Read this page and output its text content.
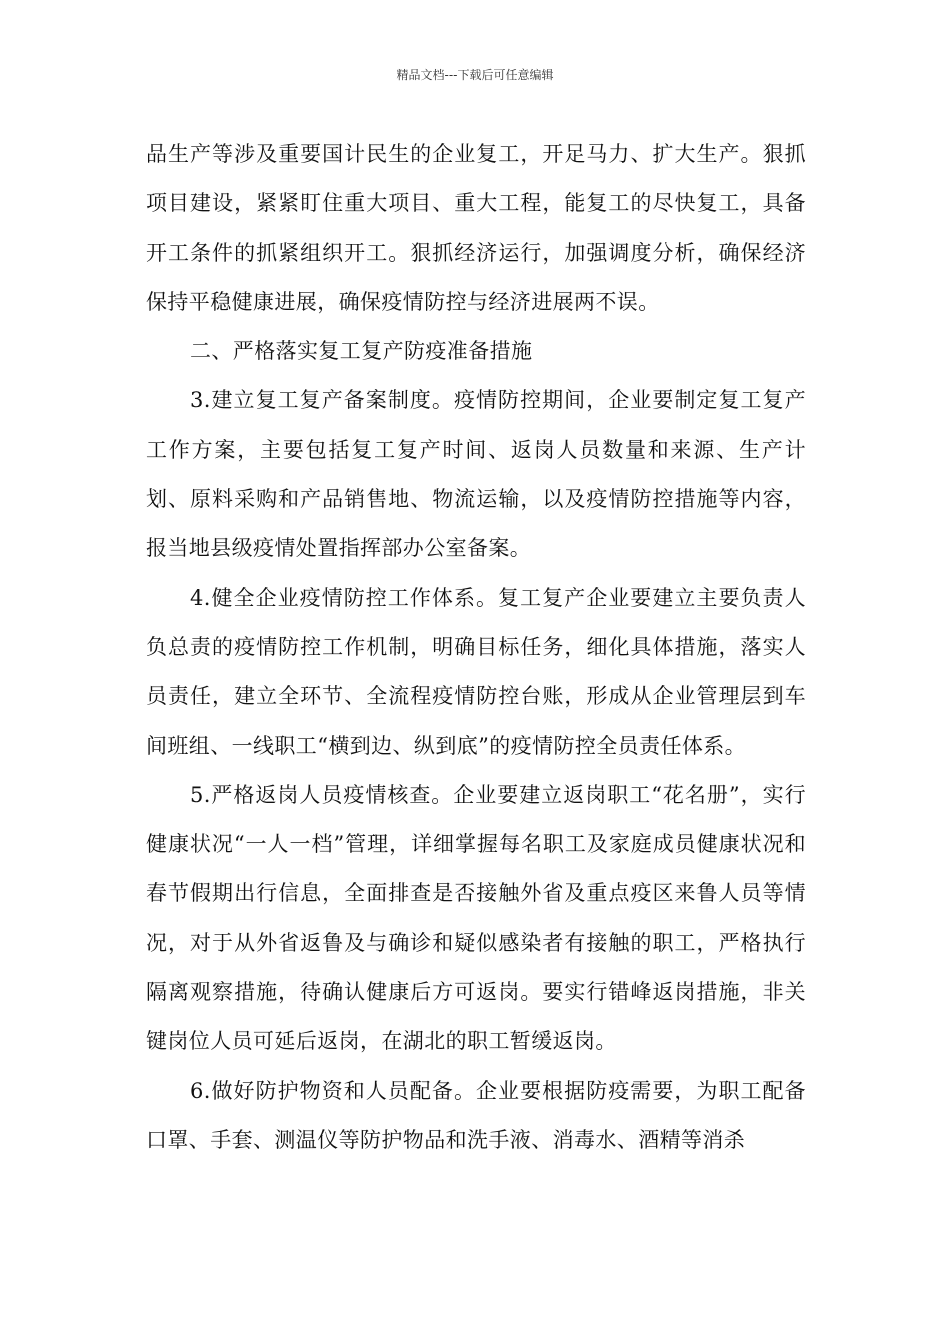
精品文档---下载后可任意编辑

品生产等涉及重要国计民生的企业复工，开足马力、扩大生产。狠抓项目建设，紧紧盯住重大项目、重大工程，能复工的尽快复工，具备开工条件的抓紧组织开工。狠抓经济运行，加强调度分析，确保经济保持平稳健康进展，确保疫情防控与经济进展两不误。

二、严格落实复工复产防疫准备措施

3.建立复工复产备案制度。疫情防控期间，企业要制定复工复产工作方案，主要包括复工复产时间、返岗人员数量和来源、生产计划、原料采购和产品销售地、物流运输，以及疫情防控措施等内容，报当地县级疫情处置指挥部办公室备案。

4.健全企业疫情防控工作体系。复工复产企业要建立主要负责人负总责的疫情防控工作机制，明确目标任务，细化具体措施，落实人员责任，建立全环节、全流程疫情防控台账，形成从企业管理层到车间班组、一线职工“横到边、纵到底”的疫情防控全员责任体系。

5.严格返岗人员疫情核查。企业要建立返岗职工“花名册”，实行健康状况“一人一档”管理，详细掌握每名职工及家庭成员健康状况和春节假期出行信息，全面排查是否接触外省及重点疫区来鲁人员等情况，对于从外省返鲁及与确诊和疑似感染者有接触的职工，严格执行隔离观察措施，待确认健康后方可返岗。要实行错峰返岗措施，非关键岗位人员可延后返岗，在湖北的职工暂缓返岗。

6.做好防护物资和人员配备。企业要根据防疫需要，为职工配备口罩、手套、测温仪等防护物品和洗手液、消毒水、酒精等消杀
